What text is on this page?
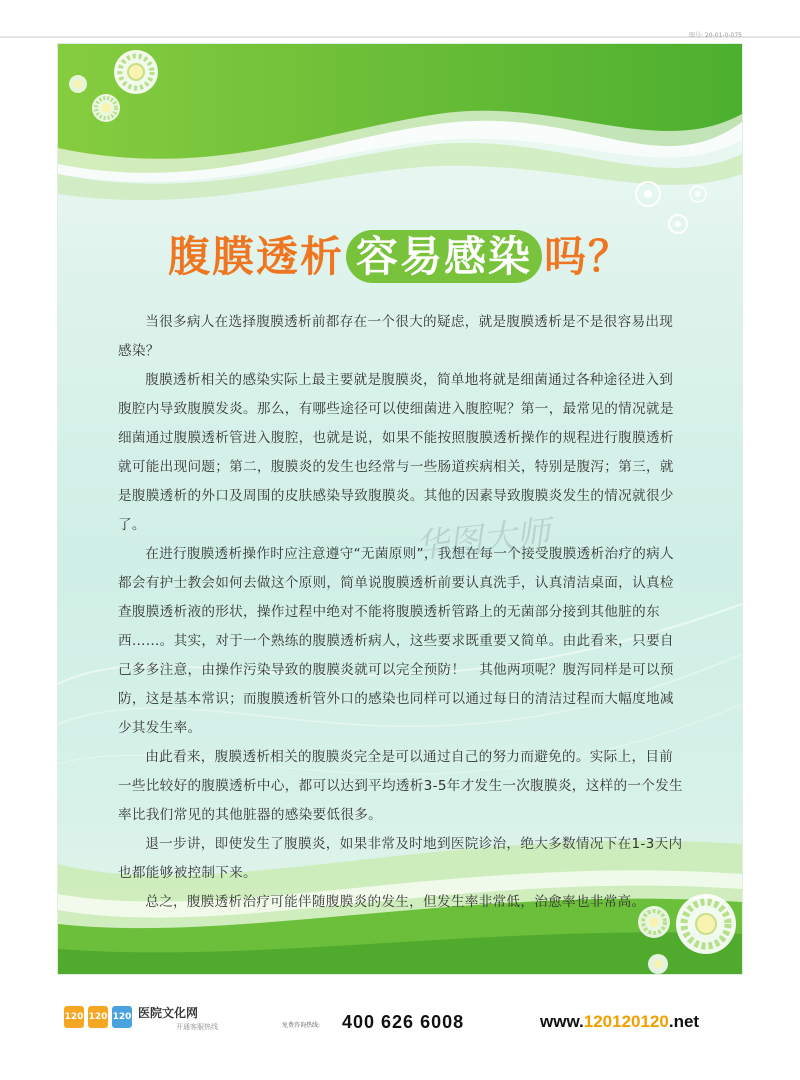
图号: 20-01-0-075
腹膜透析 容易感染 吗？

当很多病人在选择腹膜透析前都存在一个很大的疑虑，就是腹膜透析是不是很容易出现感染？

腹膜透析相关的感染实际上最主要就是腹膜炎，简单地将就是细菌通过各种途径进入到腹腔内导致腹膜发炎。那么，有哪些途径可以使细菌进入腹腔呢？第一，最常见的情况就是细菌通过腹膜透析管进入腹腔，也就是说，如果不能按照腹膜透析操作的规程进行腹膜透析就可能出现问题；第二，腹膜炎的发生也经常与一些肠道疾病相关，特别是腹泻；第三，就是腹膜透析的外口及周围的皮肤感染导致腹膜炎。其他的因素导致腹膜炎发生的情况就很少了。

在进行腹膜透析操作时应注意遵守“无菌原则”，我想在每一个接受腹膜透析治疗的病人都会有护士教会如何去做这个原则，简单说腹膜透析前要认真洗手，认真清洁桌面，认真检查腹膜透析液的形状，操作过程中绝对不能将腹膜透析管路上的无菌部分接到其他脏的东西……。其实，对于一个熟练的腹膜透析病人，这些要求既重要又简单。由此看来，只要自己多多注意，由操作污染导致的腹膜炎就可以完全预防！　其他两项呢？腹泻同样是可以预防，这是基本常识；而腹膜透析管外口的感染也同样可以通过每日的清洁过程而大幅度地减少其发生率。

由此看来，腹膜透析相关的腹膜炎完全是可以通过自己的努力而避免的。实际上，目前一些比较好的腹膜透析中心，都可以达到平均透析3-5年才发生一次腹膜炎，这样的一个发生率比我们常见的其他脏器的感染要低很多。

退一步讲，即使发生了腹膜炎，如果非常及时地到医院诊治，绝大多数情况下在1-3天内也都能够被控制下来。

总之，腹膜透析治疗可能伴随腹膜炎的发生，但发生率非常低，治愈率也非常高。

华图大师
120 120 120 医院文化网
开通客服热线	免费咨询热线: 400 626 6008	www.120120120.net
